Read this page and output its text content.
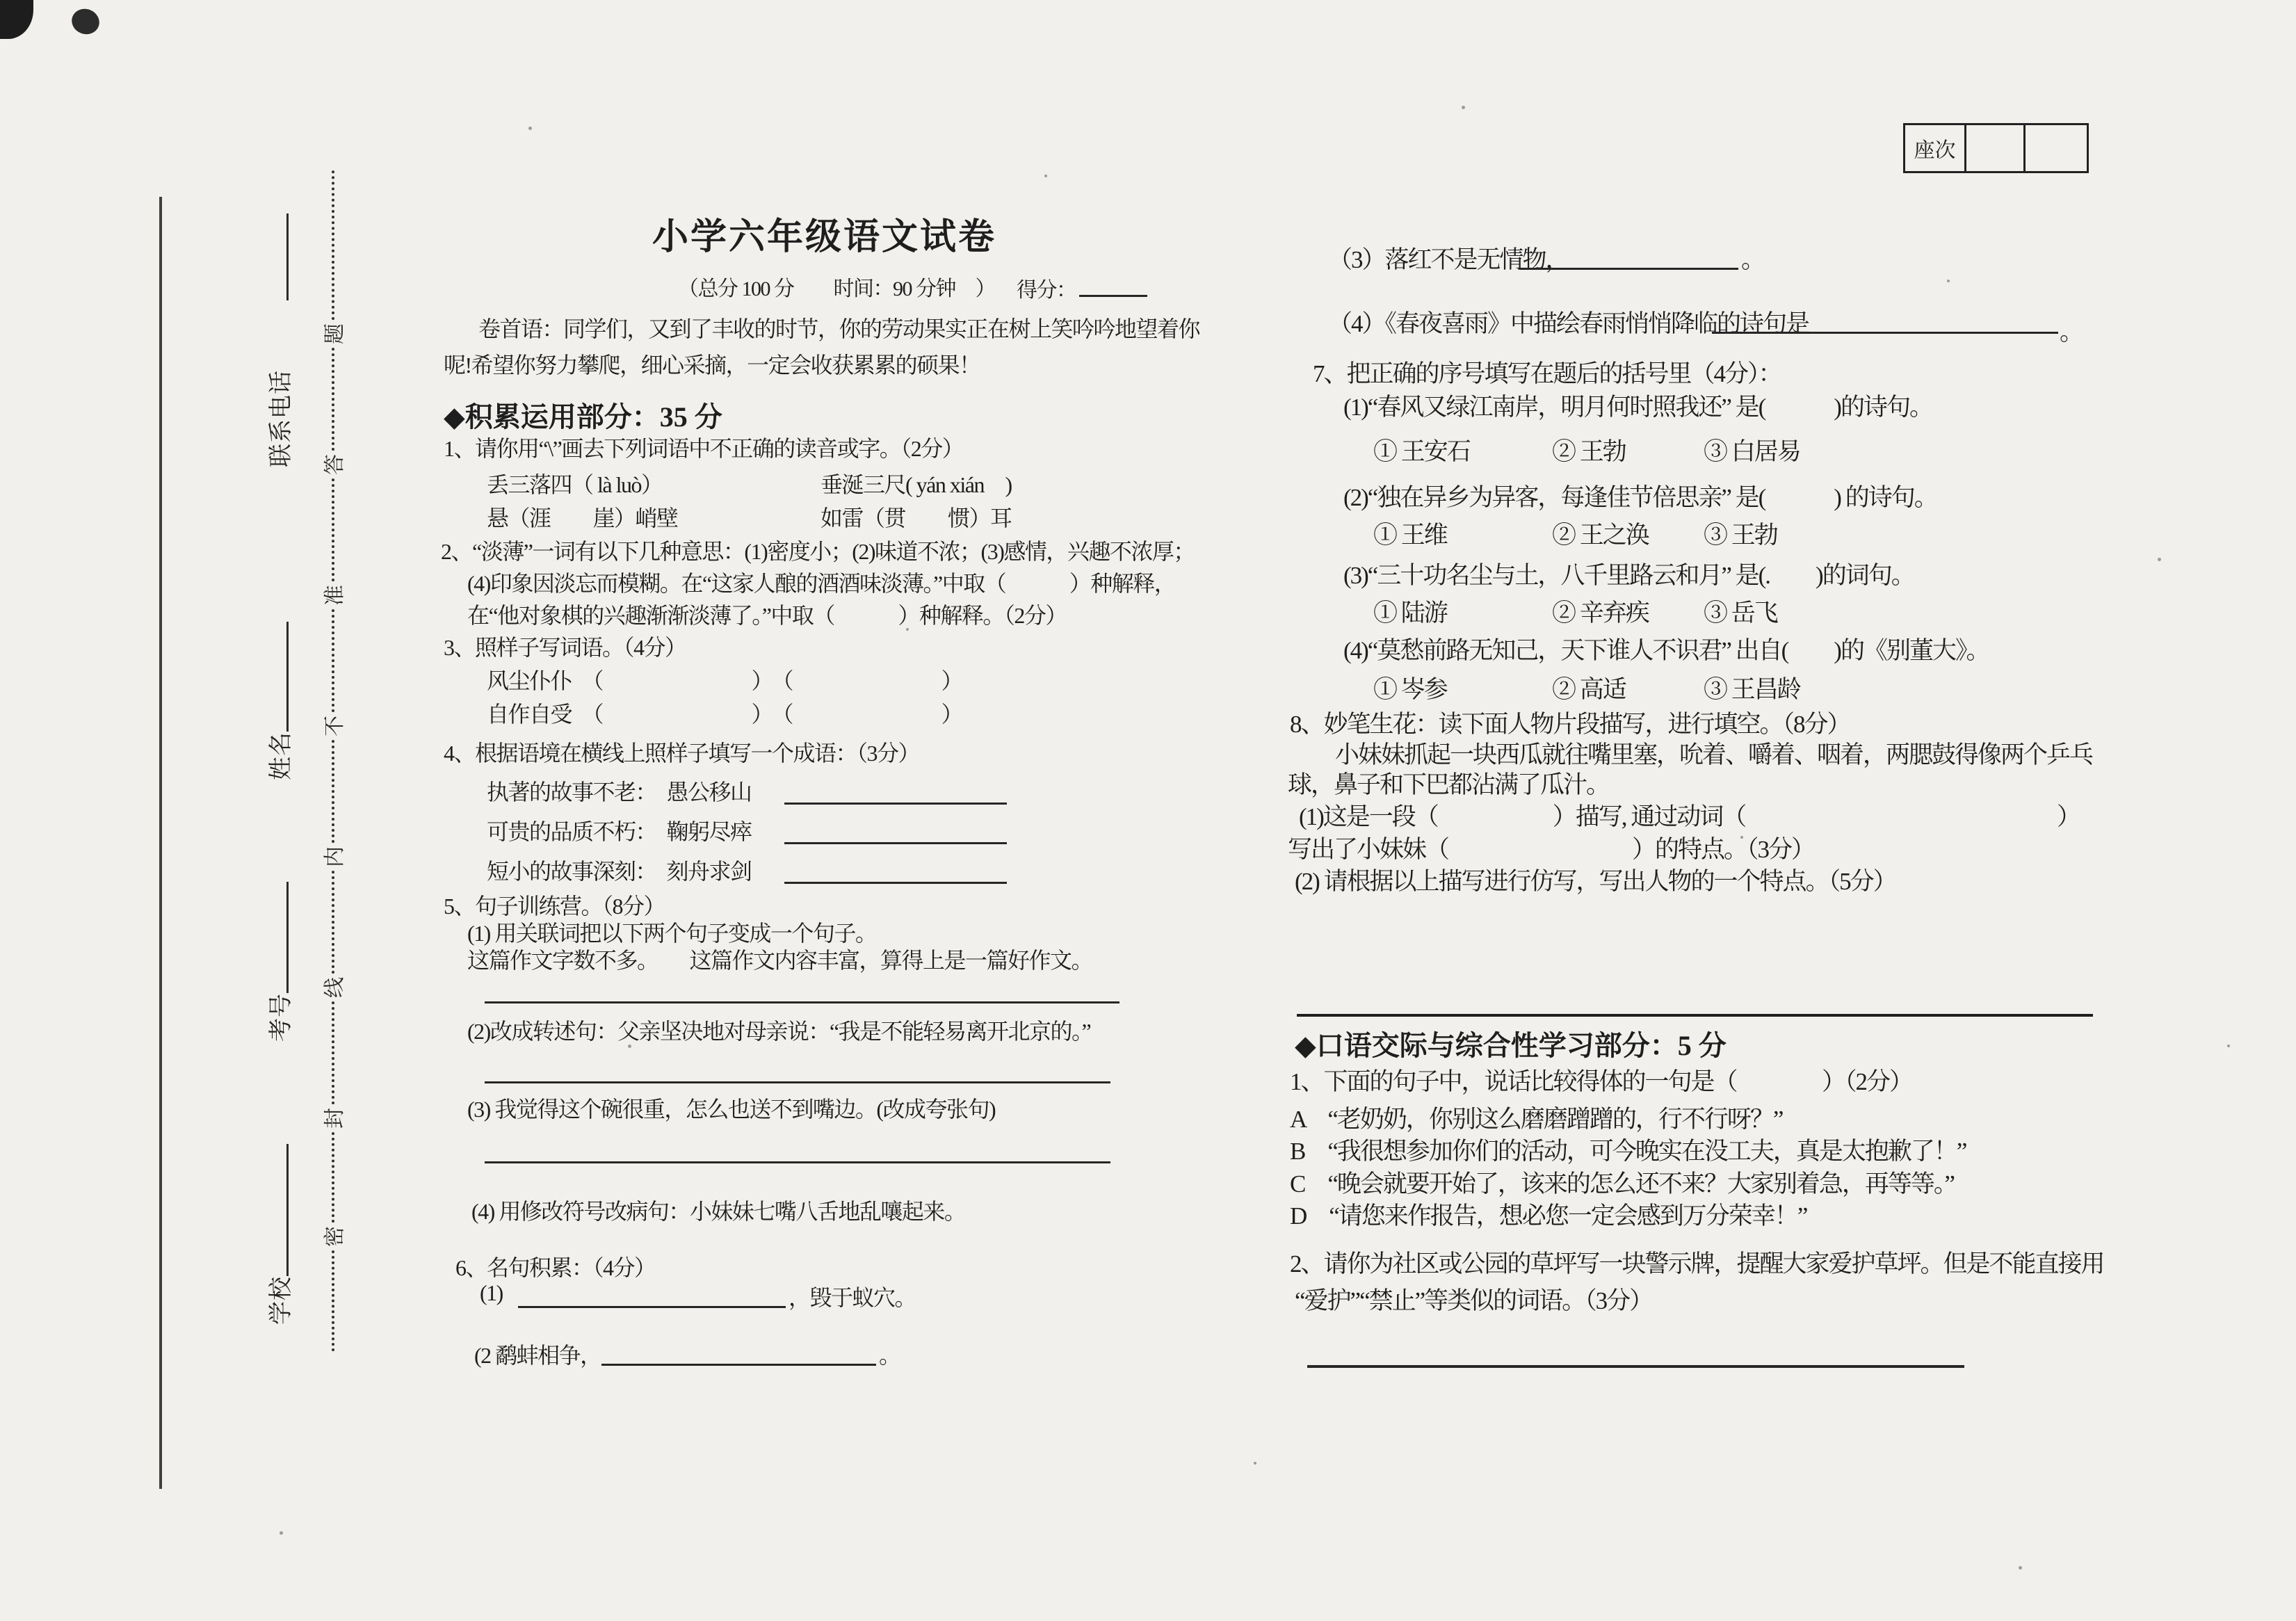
座次
学校
考号
姓名
联系电话
密封线内不准答题
小学六年级语文试卷
（总分 100 分　　时间：90 分钟　） 得分：
卷首语：同学们，又到了丰收的时节，你的劳动果实正在树上笑吟吟地望着你
呢!希望你努力攀爬，细心采摘，一定会收获累累的硕果！
◆积累运用部分：35 分
1、请你用“\”画去下列词语中不正确的读音或字。（2分）
丢三落四（ là luò）	垂涎三尺( yán xián　)
悬（涯　　崖）峭壁	如雷（贯　　惯）耳
2、“淡薄”一词有以下几种意思：(1)密度小；(2)味道不浓；(3)感情，兴趣不浓厚；
(4)印象因淡忘而模糊。在“这家人酿的酒酒味淡薄。”中取（　　　）种解释，
在“他对象棋的兴趣渐渐淡薄了。”中取（　　　）种解释。（2分）
3、照样子写词语。（4分）
风尘仆仆　（　　　　　　　）　（　　　　　　　）
自作自受　（　　　　　　　）　（　　　　　　　）
4、根据语境在横线上照样子填写一个成语：（3分）
执著的故事不老：　愚公移山
可贵的品质不朽：　鞠躬尽瘁
短小的故事深刻：　刻舟求剑
5、句子训练营。（8分）
(1) 用关联词把以下两个句子变成一个句子。
这篇作文字数不多。　　这篇作文内容丰富，算得上是一篇好作文。
(2)改成转述句：父亲坚决地对母亲说：“我是不能轻易离开北京的。”
(3) 我觉得这个碗很重，怎么也送不到嘴边。(改成夸张句)
(4) 用修改符号改病句：小妹妹七嘴八舌地乱嚷起来。
6、名句积累：（4分）
(1)	，毁于蚁穴。
(2 鹬蚌相争，	。
（3）落红不是无情物，	。
（4）《春夜喜雨》中描绘春雨悄悄降临的诗句是	。
7、把正确的序号填写在题后的括号里（4分）：
(1)“春风又绿江南岸，明月何时照我还” 是(　　　)的诗句。
① 王安石	② 王勃	③ 白居易
(2)“独在异乡为异客，每逢佳节倍思亲” 是(　　　) 的诗句。
① 王维	② 王之涣 ③ 王勃
(3)“三十功名尘与土，八千里路云和月” 是(.　　)的词句。
① 陆游	② 辛弃疾 ③ 岳飞
(4)“莫愁前路无知己，天下谁人不识君” 出自(　　)的《别董大》。
① 岑参	② 高适	③ 王昌龄
8、妙笔生花：读下面人物片段描写，进行填空。（8分）
小妹妹抓起一块西瓜就往嘴里塞，吮着、嚼着、咽着，两腮鼓得像两个乒乓
球，鼻子和下巴都沾满了瓜汁。
(1)这是一段（　　　　　）描写, 通过动词（	）
写出了小妹妹（　　　　　　　　）的特点。（3分）
(2) 请根据以上描写进行仿写，写出人物的一个特点。（5分）
◆口语交际与综合性学习部分：5 分
1、下面的句子中，说话比较得体的一句是（	）（2分）
A　“老奶奶，你别这么磨磨蹭蹭的，行不行呀？”
B　“我很想参加你们的活动，可今晚实在没工夫，真是太抱歉了！”
C　“晚会就要开始了，该来的怎么还不来？大家别着急，再等等。”
D　“请您来作报告，想必您一定会感到万分荣幸！”
2、请你为社区或公园的草坪写一块警示牌，提醒大家爱护草坪。但是不能直接用
“爱护”“禁止”等类似的词语。（3分）
